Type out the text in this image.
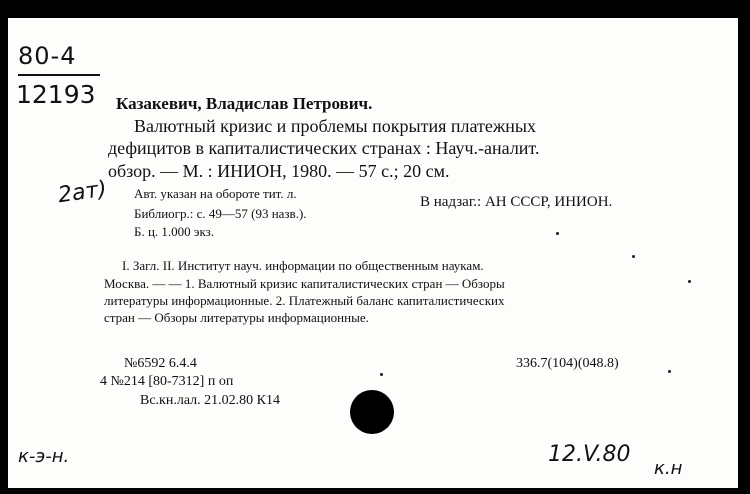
80-4
12193 Казакевич, Владислав Петрович.
Валютный кризис и проблемы покрытия платежных
дефицитов в капиталистических странах : Науч.-аналит.
обзор. — М. : ИНИОН, 1980. — 57 с.; 20 см.
2aт) Авт. указан на обороте тит. л.
В надзаг.: АН СССР, ИНИОН.
Библиогр.: с. 49—57 (93 назв.).
Б. ц. 1.000 экз.
I. Загл. II. Институт науч. информации по общественным наукам.
Москва. — — 1. Валютный кризис капиталистических стран — Обзоры
литературы информационные. 2. Платежный баланс капиталистических
стран — Обзоры литературы информационные.
№6592 6.4.4	336.7(104)(048.8)
4 №214 [80-7312] п оп
Вс.кн.лал. 21.02.80 К14
к-э-н.	12.V.80
к.н
